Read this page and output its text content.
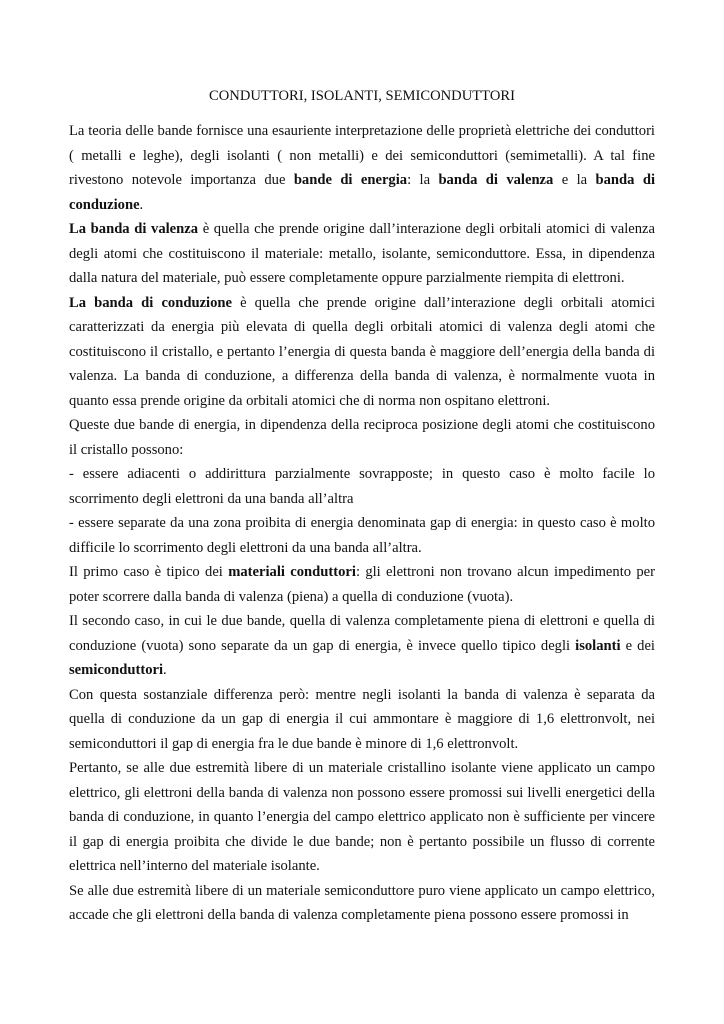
CONDUTTORI, ISOLANTI, SEMICONDUTTORI

La teoria delle bande fornisce una esauriente interpretazione delle proprietà elettriche dei conduttori ( metalli e leghe), degli isolanti ( non metalli) e dei semiconduttori (semimetalli). A tal fine rivestono notevole importanza due bande di energia: la banda di valenza e la banda di conduzione.

La banda di valenza è quella che prende origine dall’interazione degli orbitali atomici di valenza degli atomi che costituiscono il materiale: metallo, isolante, semiconduttore. Essa, in dipendenza dalla natura del materiale, può essere completamente oppure parzialmente riempita di elettroni.

La banda di conduzione è quella che prende origine dall’interazione degli orbitali atomici caratterizzati da energia più elevata di quella degli orbitali atomici di valenza degli atomi che costituiscono il cristallo, e pertanto l’energia di questa banda è maggiore dell’energia della banda di valenza. La banda di conduzione, a differenza della banda di valenza, è normalmente vuota in quanto essa prende origine da orbitali atomici che di norma non ospitano elettroni.

Queste due bande di energia, in dipendenza della reciproca posizione degli atomi che costituiscono il cristallo possono:

- essere adiacenti o addirittura parzialmente sovrapposte; in questo caso è molto facile lo scorrimento degli elettroni da una banda all’altra

- essere separate da una zona proibita di energia denominata gap di energia: in questo caso è molto difficile lo scorrimento degli elettroni da una banda all’altra.

Il primo caso è tipico dei materiali conduttori: gli elettroni non trovano alcun impedimento per poter scorrere dalla banda di valenza (piena) a quella di conduzione (vuota).

Il secondo caso, in cui le due bande, quella di valenza completamente piena di elettroni e quella di conduzione (vuota) sono separate da un gap di energia, è invece quello tipico degli isolanti e dei semiconduttori.

Con questa sostanziale differenza però: mentre negli isolanti la banda di valenza è separata da quella di conduzione da un gap di energia il cui ammontare è maggiore di 1,6 elettronvolt, nei semiconduttori il gap di energia fra le due bande è minore di 1,6 elettronvolt.

Pertanto, se alle due estremità libere di un materiale cristallino isolante viene applicato un campo elettrico, gli elettroni della banda di valenza non possono essere promossi sui livelli energetici della banda di conduzione, in quanto l’energia del campo elettrico applicato non è sufficiente per vincere il gap di energia proibita che divide le due bande; non è pertanto possibile un flusso di corrente elettrica nell’interno del materiale isolante.

Se alle due estremità libere di un materiale semiconduttore puro viene applicato un campo elettrico, accade che gli elettroni della banda di valenza completamente piena possono essere promossi in
